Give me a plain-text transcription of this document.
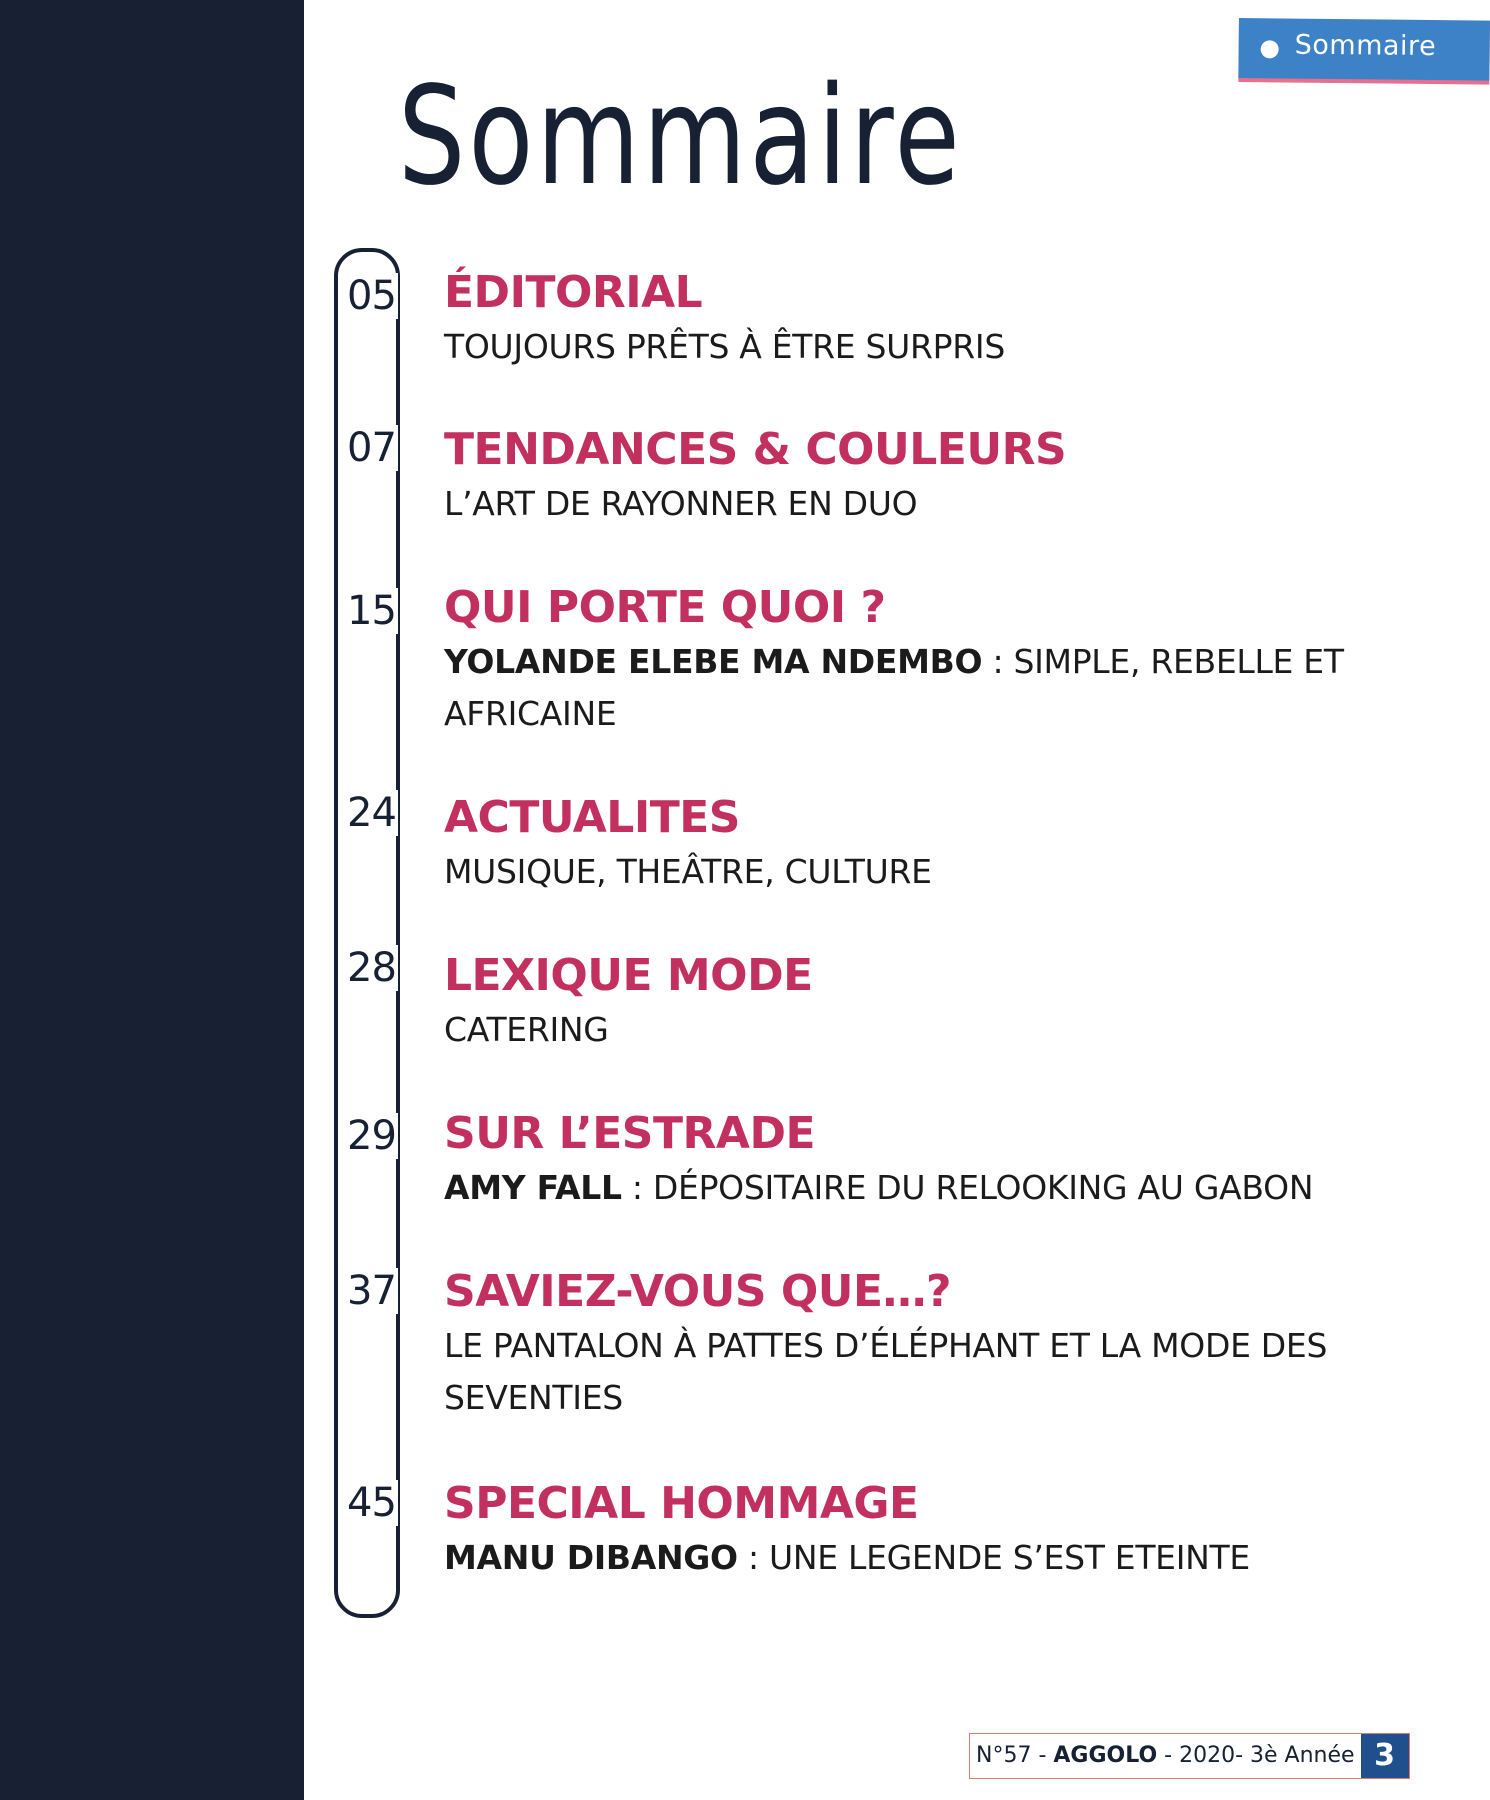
Sommaire
Sommaire
05
07
15
24
28
29
37
45
ÉDITORIAL
TOUJOURS PRÊTS À ÊTRE SURPRIS
TENDANCES & COULEURS
L’ART DE RAYONNER EN DUO
QUI PORTE QUOI ?
YOLANDE ELEBE MA NDEMBO : SIMPLE, REBELLE ET AFRICAINE
ACTUALITES
MUSIQUE, THEÂTRE, CULTURE
LEXIQUE MODE
CATERING
SUR L’ESTRADE
AMY FALL : DÉPOSITAIRE DU RELOOKING AU GABON
SAVIEZ-VOUS QUE…?
LE PANTALON À PATTES D’ÉLÉPHANT ET LA MODE DES SEVENTIES
SPECIAL HOMMAGE
MANU DIBANGO : UNE LEGENDE S’EST ETEINTE
N°57 - AGGOLO - 2020- 3è Année 3
